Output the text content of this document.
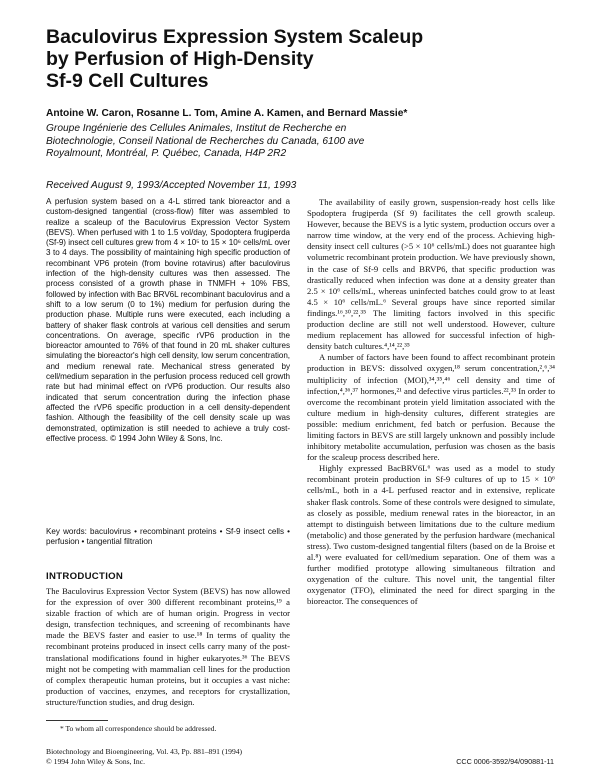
Baculovirus Expression System Scaleup
by Perfusion of High-Density
Sf-9 Cell Cultures

Antoine W. Caron, Rosanne L. Tom, Amine A. Kamen, and Bernard Massie*

Groupe Ingénierie des Cellules Animales, Institut de Recherche en
Biotechnologie, Conseil National de Recherches du Canada, 6100 ave
Royalmount, Montréal, P. Québec, Canada, H4P 2R2

Received August 9, 1993/Accepted November 11, 1993

A perfusion system based on a 4-L stirred tank bioreactor and a custom-designed tangential (cross-flow) filter was assembled to realize a scaleup of the Baculovirus Expression Vector System (BEVS). When perfused with 1 to 1.5 vol/day, Spodoptera frugiperda (Sf-9) insect cell cultures grew from 4 × 10⁵ to 15 × 10⁶ cells/mL over 3 to 4 days. The possibility of maintaining high specific production of recombinant VP6 protein (from bovine rotavirus) after baculovirus infection of the high-density cultures was then assessed. The process consisted of a growth phase in TNMFH + 10% FBS, followed by infection with Bac BRV6L recombinant baculovirus and a shift to a low serum (0 to 1%) medium for perfusion during the production phase. Multiple runs were executed, each including a battery of shaker flask controls at various cell densities and serum concentrations. On average, specific rVP6 production in the bioreactor amounted to 76% of that found in 20 mL shaker cultures simulating the bioreactor's high cell density, low serum concentration, and medium renewal rate. Mechanical stress generated by cell/medium separation in the perfusion process reduced cell growth rate but had minimal effect on rVP6 production. Our results also indicated that serum concentration during the infection phase affected the rVP6 specific production in a cell density-dependent fashion. Although the feasibility of the cell density scale up was demonstrated, optimization is still needed to achieve a truly cost-effective process. © 1994 John Wiley & Sons, Inc.

Key words: baculovirus • recombinant proteins • Sf-9 insect cells • perfusion • tangential filtration

INTRODUCTION

The Baculovirus Expression Vector System (BEVS) has now allowed for the expression of over 300 different recombinant proteins,¹⁹ a sizable fraction of which are of human origin. Progress in vector design, transfection techniques, and screening of recombinants have made the BEVS faster and easier to use.¹⁸ In terms of quality the recombinant proteins produced in insect cells carry many of the post-translational modifications found in higher eukaryotes.³⁶ The BEVS might not be competing with mammalian cell lines for the production of complex therapeutic human proteins, but it occupies a vast niche: production of vaccines, enzymes, and receptors for crystallization, structure/function studies, and drug design.

* To whom all correspondence should be addressed.

Biotechnology and Bioengineering, Vol. 43, Pp. 881–891 (1994)
© 1994 John Wiley & Sons, Inc.	CCC 0006-3592/94/090881-11

The availability of easily grown, suspension-ready host cells like Spodoptera frugiperda (Sf 9) facilitates the cell growth scaleup. However, because the BEVS is a lytic system, production occurs over a narrow time window, at the very end of the process. Achieving high-density insect cell cultures (>5 × 10⁶ cells/mL) does not guarantee high volumetric recombinant protein production. We have previously shown, in the case of Sf-9 cells and BRVP6, that specific production was drastically reduced when infection was done at a density greater than 2.5 × 10⁶ cells/mL, whereas uninfected batches could grow to at least 4.5 × 10⁶ cells/mL.⁶ Several groups have since reported similar findings.¹⁶,³⁰,²²,³⁵ The limiting factors involved in this specific production decline are still not well understood. However, culture medium replacement has allowed for successful infection of high-density batch cultures.⁴,¹⁴,²²,³⁵

A number of factors have been found to affect recombinant protein production in BEVS: dissolved oxygen,¹⁸ serum concentration,²,⁶,³⁴ multiplicity of infection (MOI),³⁴,³⁵,⁴⁶ cell density and time of infection,⁴,³⁶,³⁷ hormones,²¹ and defective virus particles.²²,³³ In order to overcome the recombinant protein yield limitation associated with the culture medium in high-density cultures, different strategies are possible: medium enrichment, fed batch or perfusion. Because the limiting factors in BEVS are still largely unknown and possibly include inhibitory metabolite accumulation, perfusion was chosen as the basis for the scaleup process described here.

Highly expressed BacBRV6L⁶ was used as a model to study recombinant protein production in Sf-9 cultures of up to 15 × 10⁶ cells/mL, both in a 4-L perfused reactor and in extensive, replicate shaker flask controls. Some of these controls were designed to simulate, as closely as possible, medium renewal rates in the bioreactor, in an attempt to distinguish between limitations due to the culture medium (metabolic) and those generated by the perfusion hardware (mechanical stress). Two custom-designed tangential filters (based on de la Broise et al.⁸) were evaluated for cell/medium separation. One of them was a further modified prototype allowing simultaneous filtration and oxygenation of the culture. This novel unit, the tangential filter oxygenator (TFO), eliminated the need for direct sparging in the bioreactor. The consequences of
